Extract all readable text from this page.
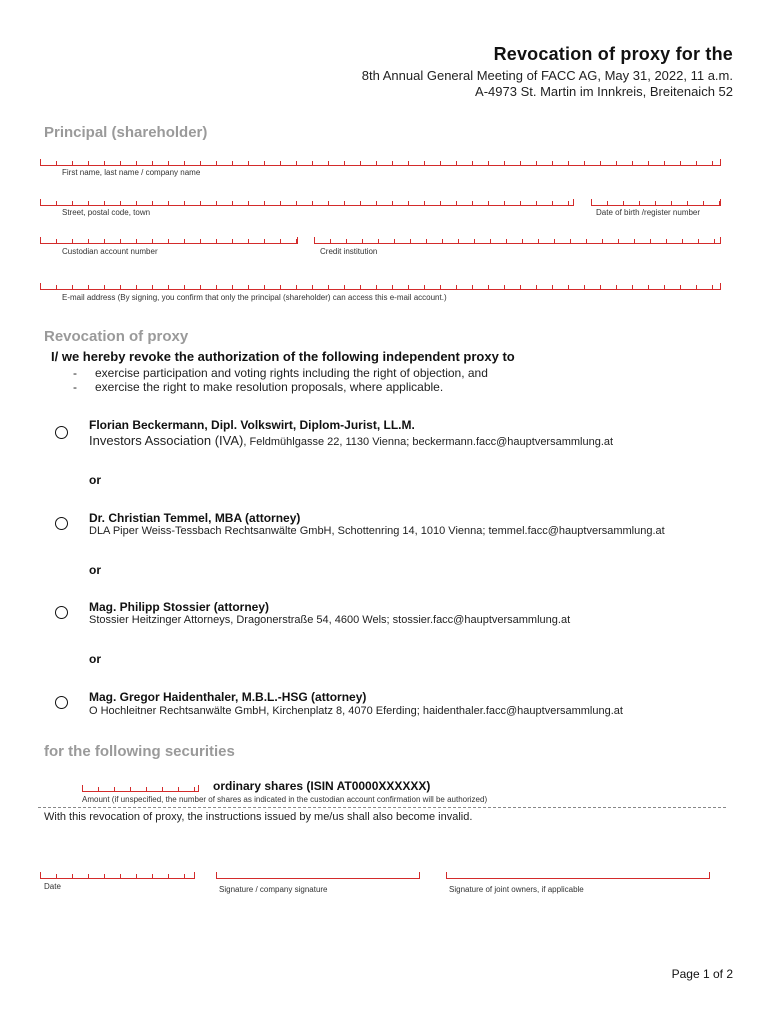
Revocation of proxy for the
8th Annual General Meeting of FACC AG, May 31, 2022, 11 a.m.
A-4973 St. Martin im Innkreis, Breitenaich 52
Principal (shareholder)
First name, last name / company name
Street, postal code, town	Date of birth /register number
Custodian account number	Credit institution
E-mail address (By signing, you confirm that only the principal (shareholder) can access this e-mail account.)
Revocation of proxy
I/ we hereby revoke the authorization of the following independent proxy to
- exercise participation and voting rights including the right of objection, and
- exercise the right to make resolution proposals, where applicable.
Florian Beckermann, Dipl. Volkswirt, Diplom-Jurist, LL.M.
Investors Association (IVA), Feldmühlgasse 22, 1130 Vienna; beckermann.facc@hauptversammlung.at
or
Dr. Christian Temmel, MBA (attorney)
DLA Piper Weiss-Tessbach Rechtsanwälte GmbH, Schottenring 14, 1010 Vienna; temmel.facc@hauptversammlung.at
or
Mag. Philipp Stossier (attorney)
Stossier Heitzinger Attorneys, Dragonerstraße 54, 4600 Wels; stossier.facc@hauptversammlung.at
or
Mag. Gregor Haidenthaler, M.B.L.-HSG (attorney)
O Hochleitner Rechtsanwälte GmbH, Kirchenplatz 8, 4070 Eferding; haidenthaler.facc@hauptversammlung.at
for the following securities
ordinary shares (ISIN AT0000XXXXXX)
Amount (if unspecified, the number of shares as indicated in the custodian account confirmation will be authorized)
With this revocation of proxy, the instructions issued by me/us shall also become invalid.
Date	Signature / company signature	Signature of joint owners, if applicable
Page 1 of 2
